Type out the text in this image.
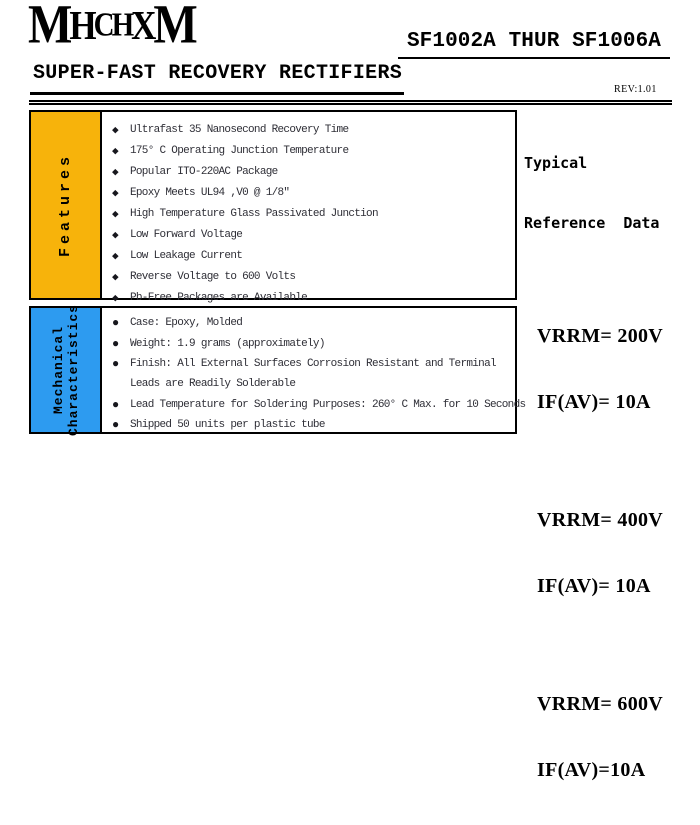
M
H
C
H
X
M	SF1002A THUR SF1006A
SUPER-FAST RECOVERY RECTIFIERS
REV:1.01
Features
◆	Ultrafast 35 Nanosecond Recovery Time
◆	175° C Operating Junction Temperature
◆	Popular ITO-220AC Package
◆	Epoxy Meets UL94 ,V0 @ 1/8″
◆	High Temperature Glass Passivated Junction
◆	Low Forward Voltage
◆	Low Leakage Current
◆	Reverse Voltage to 600 Volts
◆	Pb-Free Packages are Available

Typical

Reference  Data

VRRM= 200V

IF(AV)= 10A

VRRM= 400V

IF(AV)= 10A

VRRM= 600V

IF(AV)=10A

Mechanical Characteristics	● Case: Epoxy, Molded
● Weight: 1.9 grams (approximately)
● Finish: All External Surfaces Corrosion Resistant and Terminal
Leads are Readily Solderable
● Lead Temperature for Soldering Purposes: 260° C Max. for 10 Seconds
● Shipped 50 units per plastic tube
